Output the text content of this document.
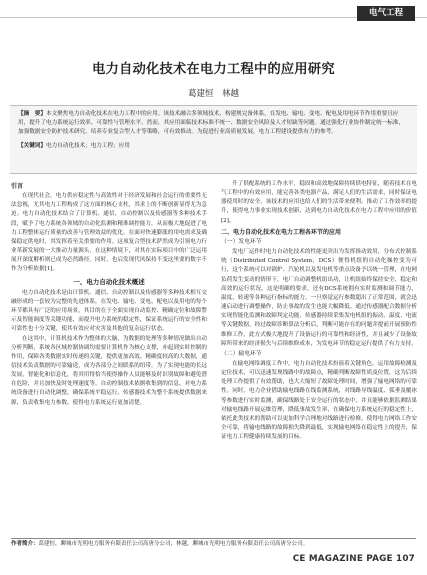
电气工程
电力自动化技术在电力工程中的应用研究
葛建恒　林越

【摘　要】本文聚焦电力自动化技术在电力工程中的应用。该技术融合多领域技术，构建规完备体系，在发电、输电、变电、配电及用电环节作用重要且应用，提升了电力系统运行效率、可靠性与管理水平。然而，其应用面临技术标准不统一、数据安全风险及人才短缺等问题。通过强化行业协作制定统一标准，加强数据安全防护技术研究，培养专业复合型人才等策略，可有效推动。为促进行业高质量发展，电力工程建设提供有力的参考。

【关键词】电力自动化技术；电力工程；应用

引言

在现代社会，电力供应稳定性与高效性对于经济发展和社会运行的重要性无法忽视，尤其电力工程构成了这方面的核心支柱，其求上的不断创新显得尤为急迫。电力自动化技术结合了计算机、通信，自动控制以及传感器等多种技术手段，赋予了电力系统各领域的自动化监测和精准调控能力，从而极大地促进了电力工程整体运行质量的改善与管理效益的优化。在面对快速膨胀的用电需求及确保稳定供电时，其发挥着至关重要的作用。这项复合型技术萨然成为引领电力行业革新发展的一大推动力量源头，在这种情境下，对其在实际项目中的广泛运用展开深度解析则已成为必然路径。同时，也启发现代风保持不变这里要的数字不作为分析依据[1]。

一、电力自动化技术概述

电力自动化技术是由计算机、通信、自动控制以及传感器等多种技术相互交融形成的一套较为完整的先进体系，在发电、输电、变电、配电以及用电的每个环节都具有广泛的应用场景，其目的在于全面实现自动监控、精确定位和故障警示及智能调度等关键功能，而提升电力系统的稳定性，保证系统运行的安全性和可靠性也十分关键，使其有效应对灾害及其他的复杂运行状态。

在这其中，计算机技术作为整体的大脑，为数据的处理等多种情况做出自动分析判断，系统各区域控制协调均需要计算机作为核心支撑，亦起到实时控制的作用，保障各类数据实时传递的关键，提供更加高效、精确度较高的大数据，通信技术负责数据的可靠输送，成为各部分之间联系的纽带。为了实现电能的长远发展，智能化和信息化，将其用得恰当使得操作人员能够及时识别故障和避免潜在危险，并且加快及时处理速度等。自动控制技术依据收集到的信息，对电力系统设备进行自动化调整，确保系统平稳运行，传感器技术为整个系统提供数据来源，负责收集电力参数，使得电力系统运行更加清楚。

升了供配系统的工作水平，稳固和高效地保障持续供电特征，随着技术在电气工程中的有效应用，能完善各类电器产品，满足人们的生活需求，同时保证电器使用时的安全。该技术的应用也给人们的生活带来便利，推动了工作效率的提升，使得电力事业实现技术创新，达到电力自动化技术在电力工程中应用的价值[2]。

二、电力自动化技术在电力工程各环节的应用
（一）发电环节

发电厂运作时电力自动化技术的性能更突出为发挥推动效用，分布式控制系统（Distributed Control System，DCS）便得机组的自动化操控变为可行，这个系统可以对锅炉、汽轮机以及发电机等重点设备予以统一管理，在电网负荷发生变动的情形下，电厂自动调整机组出功，让机组始终保持安全、稳定和高效的运行状况，这是明确的要求，还有DCS系统拥有实时监测和调节能力，温度，转速等各种运行指标的能力，一旦察觉运行参数超出了正常范围，就会迅速启动进行调整操作，防止事故的发生也能大幅降低。通过传感器配合数据分析实现智能化监测和故障判定功能，传感器持续采集发电机组的振动、温度、电流等关键数据，经过故障诊断算法分析后，判断可能存在的问题并提前开展预防性维修工作，此方式极大地提升了设备运行的可靠性和经济性，并且减少了设备故障所带来的经济损失与后续维修成本，为发电环节的稳定运行提供了有力支持。

（二）输电环节

在输电网络调度工作中，电力自动化技术扮演着关键角色，运用故障检测及定位技术，可以迅速发现线路中的故障点，精确判断故障性质及位置，这为后续处理工作提供了有效帮助，也大大缩短了故障处理时间，增强了输电网络的可靠性。同时，电力企业借助输电线路在线监测系统，对线路导线温度、弧垂及覆冰等参数进行实时监测，确保线路处于安全运行的状态中，并且能够依据监测结果对输电线路开展运维管理，降低事故发生率，在确保电力系统运行的稳定性上，依托此类技术的帮助可以更加科学合理地对线路进行检修，使得电力网络工作安全可靠，将输电线路的故障损失降到最低，实现输电网络在稳定性上的提升，保证电力工程健康持续发展的目标。

作者简介：葛建恒，聊城市光明电力服务有限责任公司高唐分公司；林越，聊城市光明电力服务有限责任公司高唐分公司。
CE MAGAZINE PAGE 107
